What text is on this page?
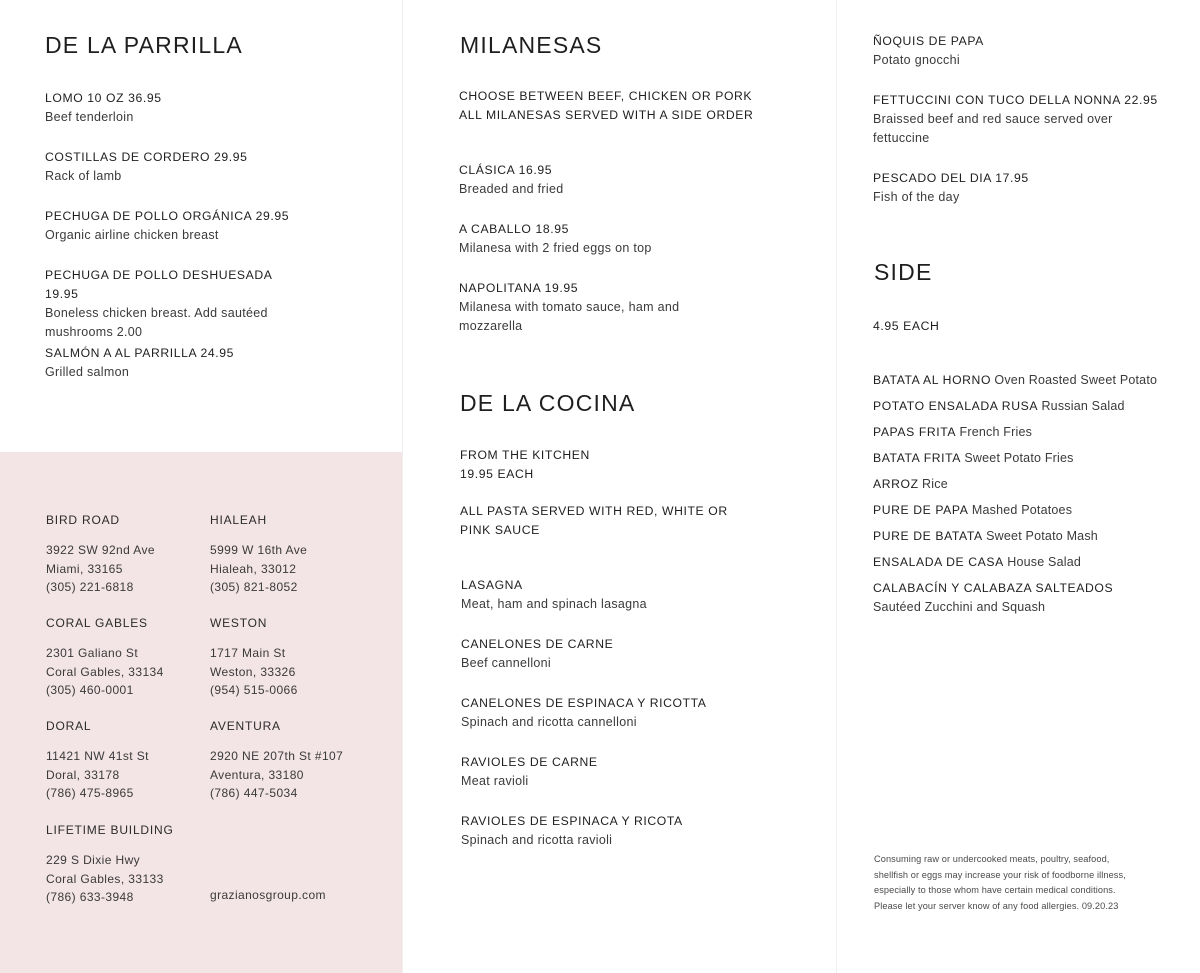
DE LA PARRILLA
LOMO 10 OZ 36.95
Beef tenderloin
COSTILLAS DE CORDERO 29.95
Rack of lamb
PECHUGA DE POLLO ORGÁNICA 29.95
Organic airline chicken breast
PECHUGA DE POLLO DESHUESADA 19.95
Boneless chicken breast. Add sautéed mushrooms 2.00
SALMÓN A AL PARRILLA 24.95
Grilled salmon
BIRD ROAD
3922 SW 92nd Ave
Miami, 33165
(305) 221-6818
HIALEAH
5999 W 16th Ave
Hialeah, 33012
(305) 821-8052
CORAL GABLES
2301 Galiano St
Coral Gables, 33134
(305) 460-0001
WESTON
1717 Main St
Weston, 33326
(954) 515-0066
DORAL
11421 NW 41st St
Doral, 33178
(786) 475-8965
AVENTURA
2920 NE 207th St #107
Aventura, 33180
(786) 447-5034
LIFETIME BUILDING
229 S Dixie Hwy
Coral Gables, 33133
(786) 633-3948	grazianosgroup.com
MILANESAS
CHOOSE BETWEEN BEEF, CHICKEN OR PORK
ALL MILANESAS SERVED WITH A SIDE ORDER
CLÁSICA 16.95
Breaded and fried
A CABALLO 18.95
Milanesa with 2 fried eggs on top
NAPOLITANA 19.95
Milanesa with tomato sauce, ham and mozzarella
DE LA COCINA
FROM THE KITCHEN
19.95 EACH
ALL PASTA SERVED WITH RED, WHITE OR PINK SAUCE
LASAGNA
Meat, ham and spinach lasagna
CANELONES DE CARNE
Beef cannelloni
CANELONES DE ESPINACA Y RICOTTA
Spinach and ricotta cannelloni
RAVIOLES DE CARNE
Meat ravioli
RAVIOLES DE ESPINACA Y RICOTA
Spinach and ricotta ravioli
ÑOQUIS DE PAPA
Potato gnocchi
FETTUCCINI CON TUCO DELLA NONNA 22.95
Braissed beef and red sauce served over fettuccine
PESCADO DEL DIA 17.95
Fish of the day
SIDE
4.95 EACH
BATATA AL HORNO Oven Roasted Sweet Potato
POTATO ENSALADA RUSA Russian Salad
PAPAS FRITA French Fries
BATATA FRITA Sweet Potato Fries
ARROZ Rice
PURE DE PAPA Mashed Potatoes
PURE DE BATATA Sweet Potato Mash
ENSALADA DE CASA House Salad
CALABACÍN Y CALABAZA SALTEADOS
Sautéed Zucchini and Squash
Consuming raw or undercooked meats, poultry, seafood,
shellfish or eggs may increase your risk of foodborne illness,
especially to those whom have certain medical conditions.
Please let your server know of any food allergies. 09.20.23
